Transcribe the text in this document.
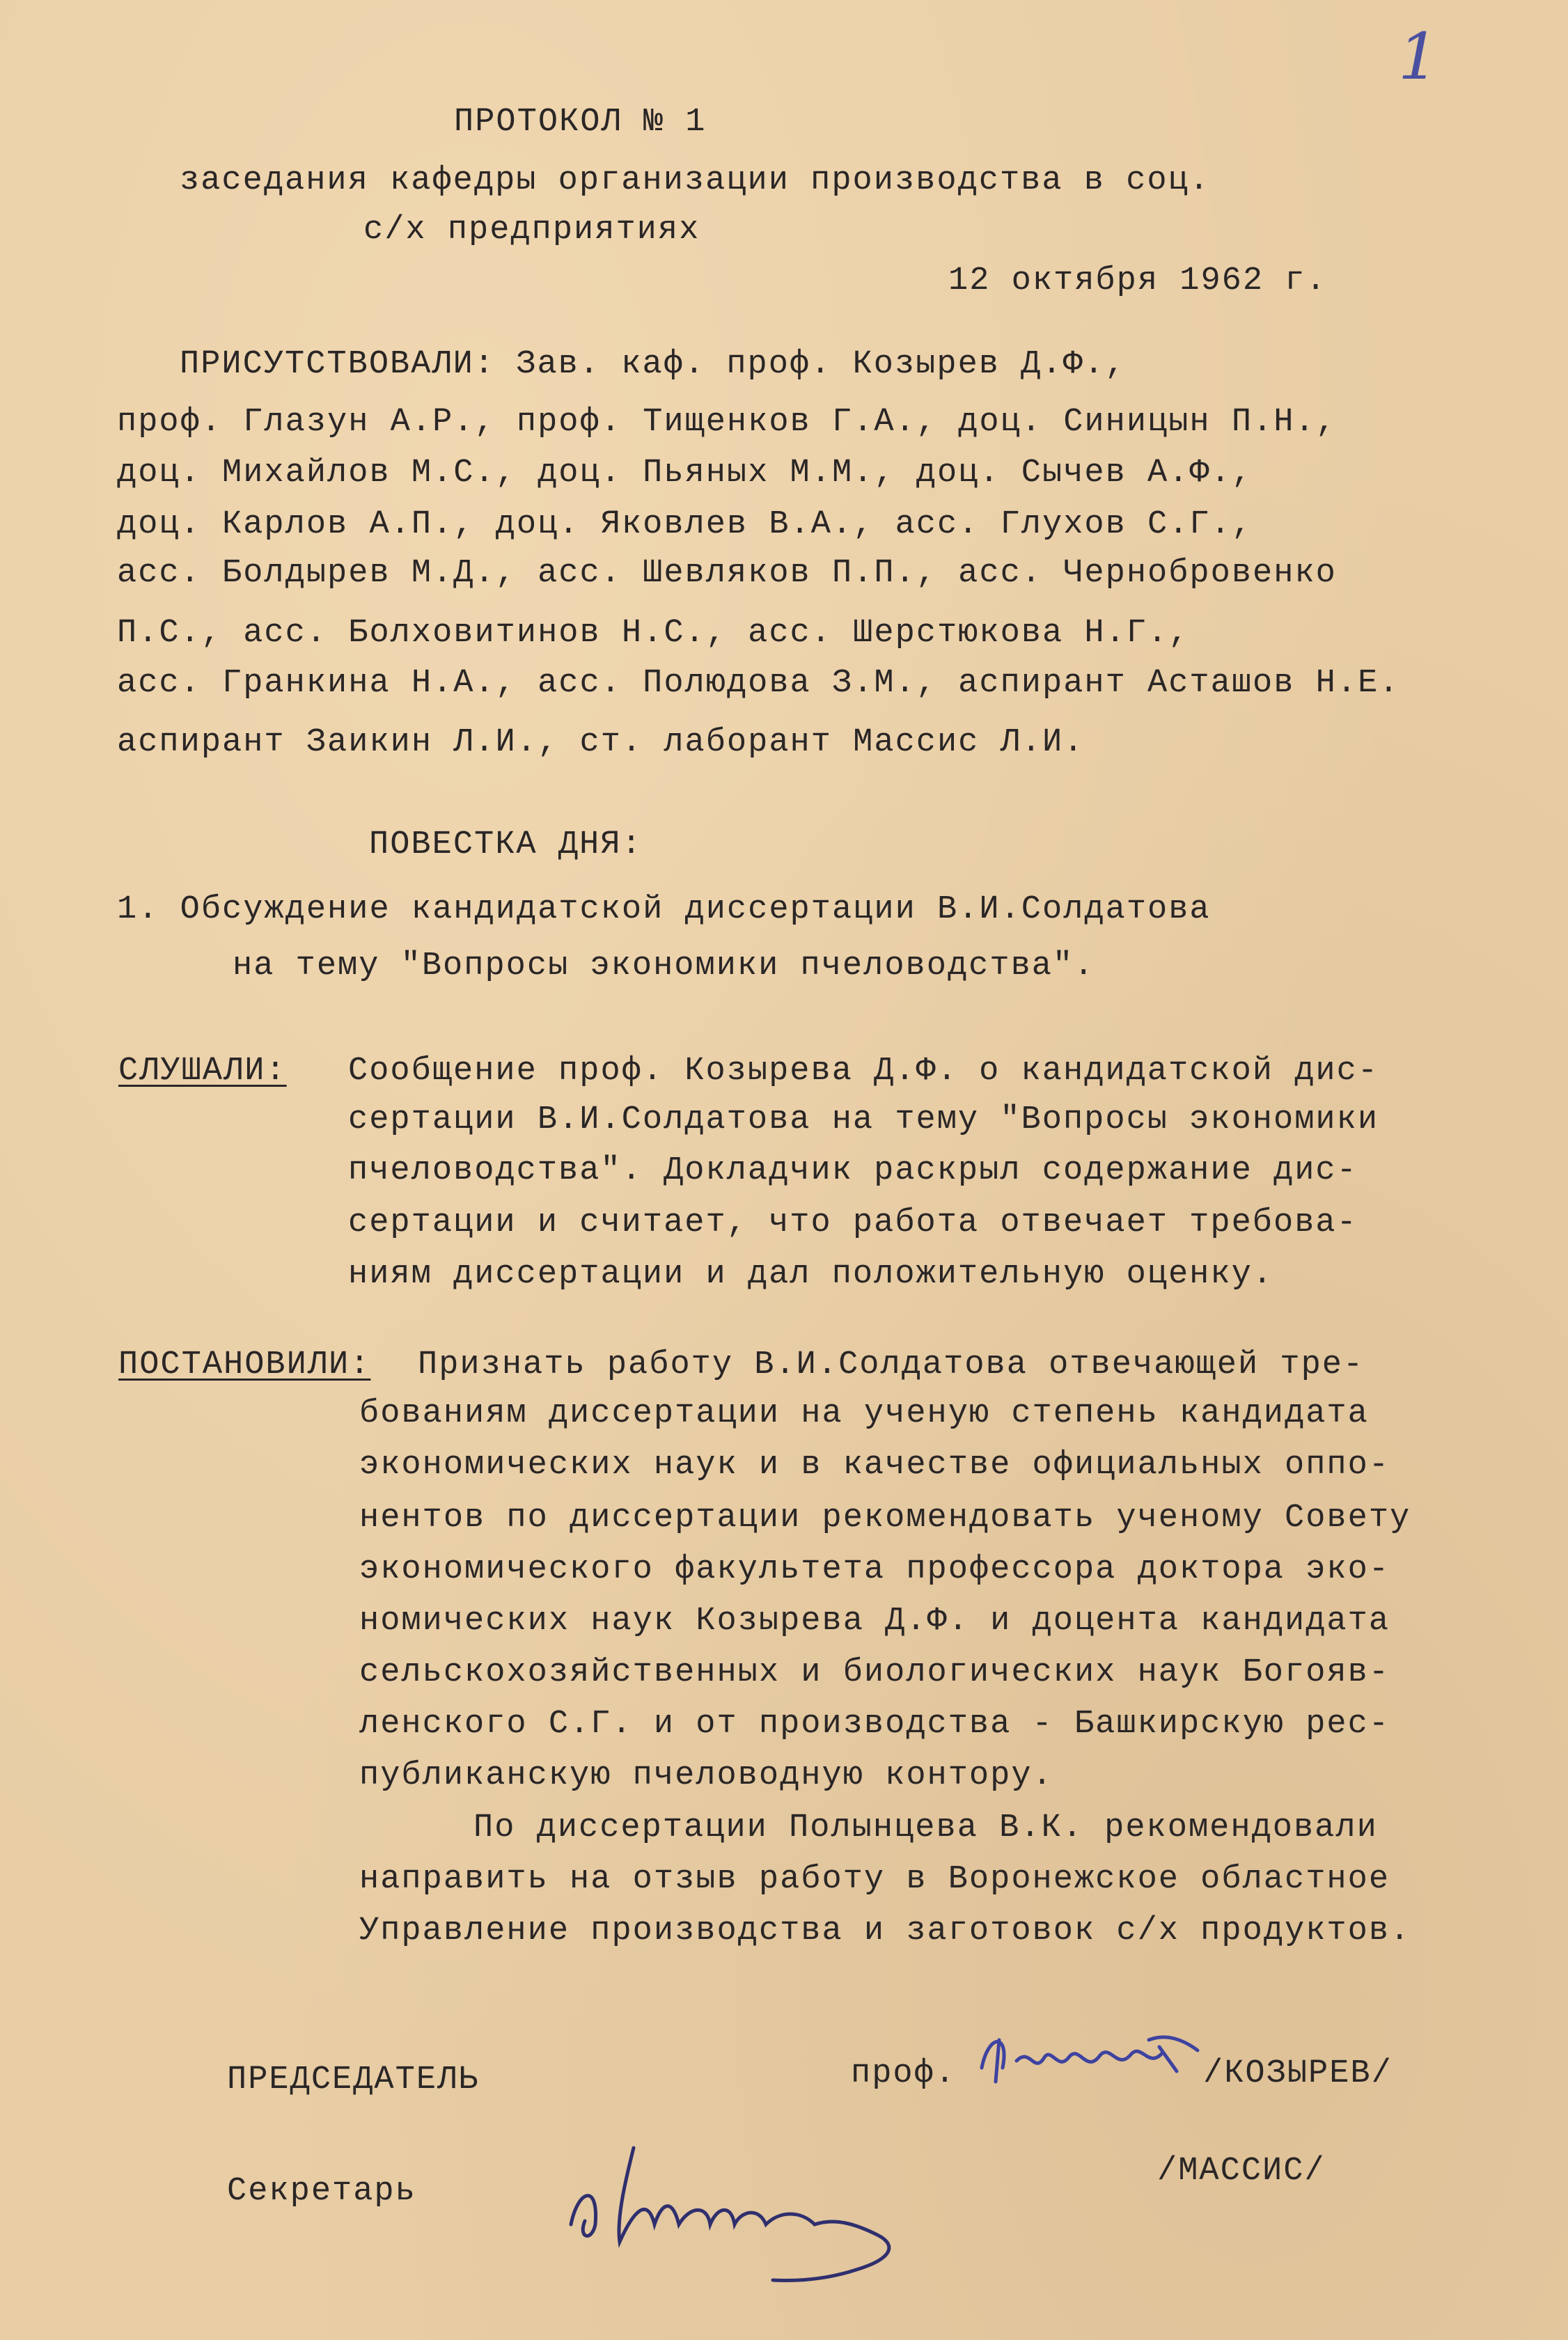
1
ПРОТОКОЛ № 1
заседания кафедры организации производства в соц.
с/х предприятиях
12 октября 1962 г.
ПРИСУТСТВОВАЛИ: Зав. каф. проф. Козырев Д.Ф.,
проф. Глазун А.Р., проф. Тищенков Г.А., доц. Синицын П.Н.,
доц. Михайлов М.С., доц. Пьяных М.М., доц. Сычев А.Ф.,
доц. Карлов А.П., доц. Яковлев В.А., асс. Глухов С.Г.,
асс. Болдырев М.Д., асс. Шевляков П.П., асс. Чернобровенко
П.С., асс. Болховитинов Н.С., асс. Шерстюкова Н.Г.,
асс. Гранкина Н.А., асс. Полюдова З.М., аспирант Асташов Н.Е.
аспирант Заикин Л.И., ст. лаборант Массис Л.И.
ПОВЕСТКА ДНЯ:
1. Обсуждение кандидатской диссертации В.И.Солдатова
на тему "Вопросы экономики пчеловодства".
СЛУШАЛИ: Сообщение проф. Козырева Д.Ф. о кандидатской дис-
сертации В.И.Солдатова на тему "Вопросы экономики
пчеловодства". Докладчик раскрыл содержание дис-
сертации и считает, что работа отвечает требова-
ниям диссертации и дал положительную оценку.
ПОСТАНОВИЛИ: Признать работу В.И.Солдатова отвечающей тре-
бованиям диссертации на ученую степень кандидата
экономических наук и в качестве официальных оппо-
нентов по диссертации рекомендовать ученому Совету
экономического факультета профессора доктора эко-
номических наук Козырева Д.Ф. и доцента кандидата
сельскохозяйственных и биологических наук Богояв-
ленского С.Г. и от производства - Башкирскую рес-
публиканскую пчеловодную контору.
По диссертации Полынцева В.К. рекомендовали
направить на отзыв работу в Воронежское областное
Управление производства и заготовок с/х продуктов.
ПРЕДСЕДАТЕЛЬ	проф.	/КОЗЫРЕВ/
Секретарь
/МАССИС/
